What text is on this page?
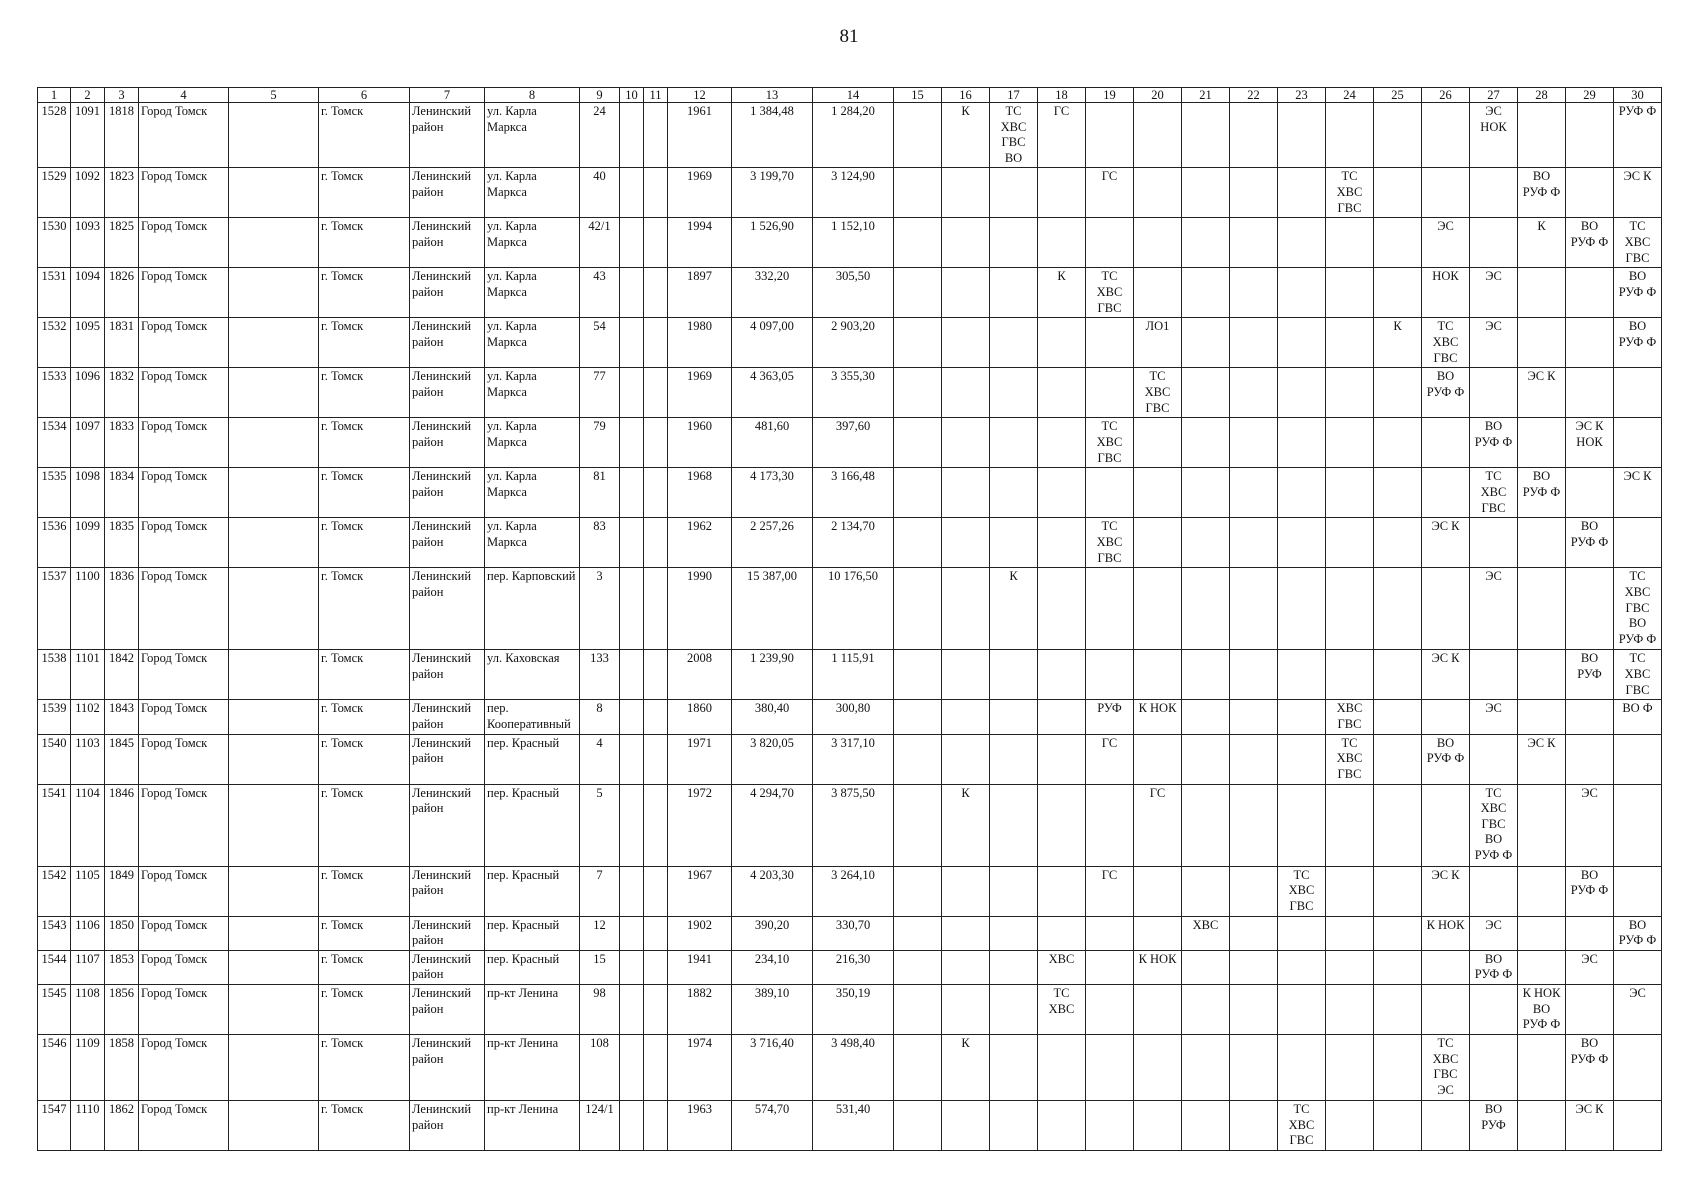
81
1	2	3	4	5	6	7	8	9	10	11	12	13	14	15	16	17	18	19	20	21	22	23	24	25	26	27	28	29	30
1528	1091	1818	Город Томск		г. Томск	Ленинский район	ул. Карла Маркса	24			1961	1 384,48	1 284,20		К	ТС
ХВС
ГВС
ВО	ГС									ЭС
НОК			РУФ Ф
1529	1092	1823	Город Томск		г. Томск	Ленинский район	ул. Карла Маркса	40			1969	3 199,70	3 124,90					ГС					ТС
ХВС
ГВС				ВО
РУФ Ф		ЭС К
1530	1093	1825	Город Томск		г. Томск	Ленинский район	ул. Карла Маркса	42/1			1994	1 526,90	1 152,10												ЭС		К	ВО
РУФ Ф	ТС
ХВС
ГВС
1531	1094	1826	Город Томск		г. Томск	Ленинский район	ул. Карла Маркса	43			1897	332,20	305,50				К	ТС
ХВС
ГВС							НОК	ЭС			ВО
РУФ Ф
1532	1095	1831	Город Томск		г. Томск	Ленинский район	ул. Карла Маркса	54			1980	4 097,00	2 903,20						ЛО1					К	ТС
ХВС
ГВС	ЭС			ВО
РУФ Ф
1533	1096	1832	Город Томск		г. Томск	Ленинский район	ул. Карла Маркса	77			1969	4 363,05	3 355,30						ТС
ХВС
ГВС						ВО
РУФ Ф		ЭС К		
1534	1097	1833	Город Томск		г. Томск	Ленинский район	ул. Карла Маркса	79			1960	481,60	397,60					ТС
ХВС
ГВС								ВО
РУФ Ф		ЭС К
НОК	
1535	1098	1834	Город Томск		г. Томск	Ленинский район	ул. Карла Маркса	81			1968	4 173,30	3 166,48													ТС
ХВС
ГВС	ВО
РУФ Ф		ЭС К
1536	1099	1835	Город Томск		г. Томск	Ленинский район	ул. Карла Маркса	83			1962	2 257,26	2 134,70					ТС
ХВС
ГВС							ЭС К			ВО
РУФ Ф	
1537	1100	1836	Город Томск		г. Томск	Ленинский район	пер. Карповский	3			1990	15 387,00	10 176,50			К										ЭС			ТС
ХВС
ГВС
ВО
РУФ Ф
1538	1101	1842	Город Томск		г. Томск	Ленинский район	ул. Каховская	133			2008	1 239,90	1 115,91												ЭС К			ВО
РУФ	ТС
ХВС
ГВС
1539	1102	1843	Город Томск		г. Томск	Ленинский район	пер. Кооперативный	8			1860	380,40	300,80					РУФ	К НОК				ХВС
ГВС			ЭС			ВО Ф
1540	1103	1845	Город Томск		г. Томск	Ленинский район	пер. Красный	4			1971	3 820,05	3 317,10					ГС					ТС
ХВС
ГВС		ВО
РУФ Ф		ЭС К		
1541	1104	1846	Город Томск		г. Томск	Ленинский район	пер. Красный	5			1972	4 294,70	3 875,50		К				ГС							ТС
ХВС
ГВС
ВО
РУФ Ф		ЭС	
1542	1105	1849	Город Томск		г. Томск	Ленинский район	пер. Красный	7			1967	4 203,30	3 264,10					ГС				ТС
ХВС
ГВС			ЭС К			ВО
РУФ Ф	
1543	1106	1850	Город Томск		г. Томск	Ленинский район	пер. Красный	12			1902	390,20	330,70							ХВС					К НОК	ЭС			ВО
РУФ Ф
1544	1107	1853	Город Томск		г. Томск	Ленинский район	пер. Красный	15			1941	234,10	216,30				ХВС		К НОК							ВО
РУФ Ф		ЭС	
1545	1108	1856	Город Томск		г. Томск	Ленинский район	пр-кт Ленина	98			1882	389,10	350,19				ТС
ХВС										К НОК
ВО
РУФ Ф		ЭС
1546	1109	1858	Город Томск		г. Томск	Ленинский район	пр-кт Ленина	108			1974	3 716,40	3 498,40		К										ТС
ХВС
ГВС
ЭС			ВО
РУФ Ф	
1547	1110	1862	Город Томск		г. Томск	Ленинский район	пр-кт Ленина	124/1			1963	574,70	531,40									ТС
ХВС
ГВС				ВО
РУФ		ЭС К	
